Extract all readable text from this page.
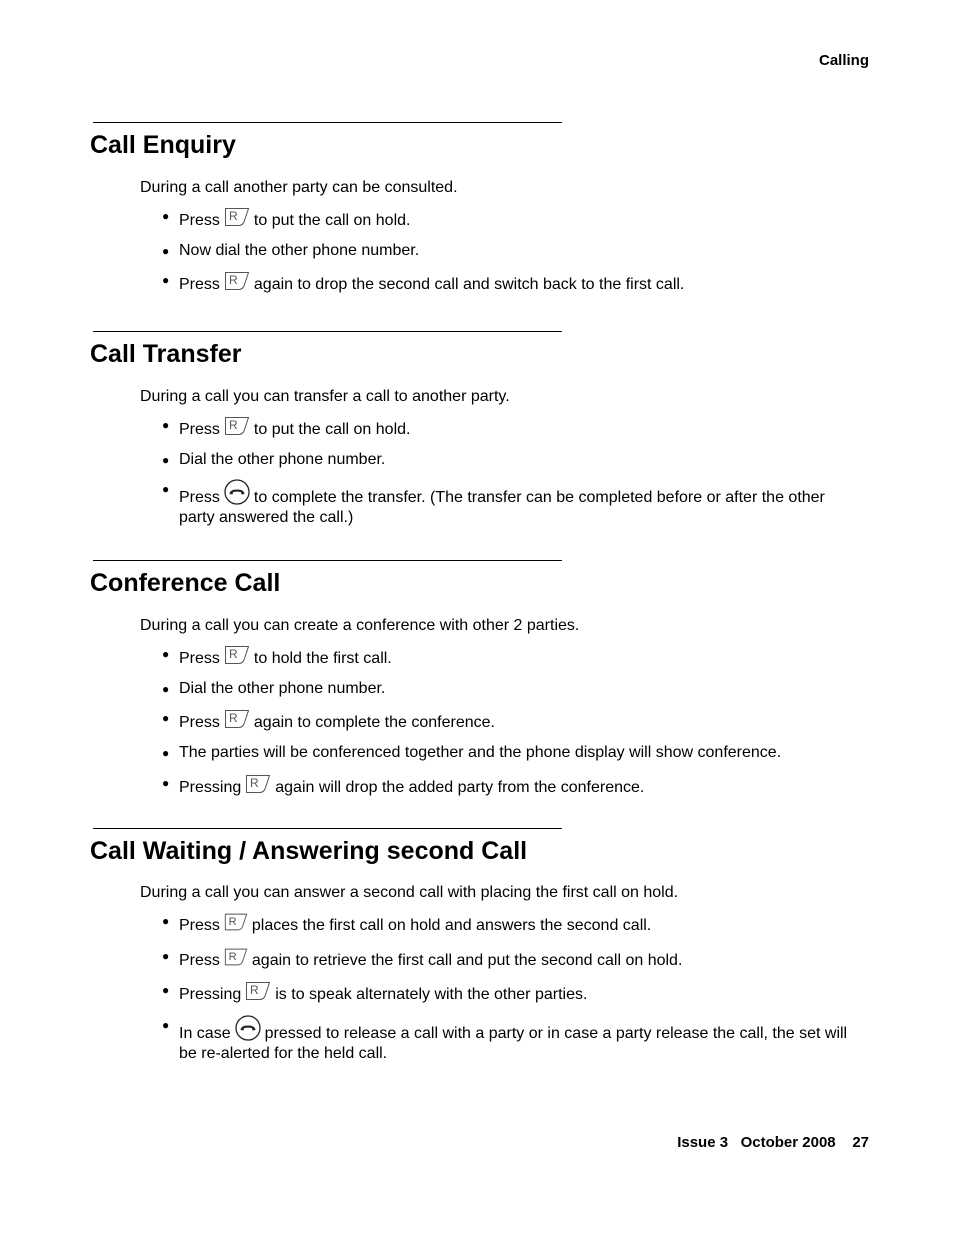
Calling
Call Enquiry

During a call another party can be consulted.

● Press R to put the call on hold.
● Now dial the other phone number.
● Press R again to drop the second call and switch back to the first call.
Call Transfer

During a call you can transfer a call to another party.

● Press R to put the call on hold.
● Dial the other phone number.
● Press to complete the transfer. (The transfer can be completed before or after the other party answered the call.)
Conference Call

During a call you can create a conference with other 2 parties.

● Press R to hold the first call.
● Dial the other phone number.
● Press R again to complete the conference.
● The parties will be conferenced together and the phone display will show conference.
● Pressing R again will drop the added party from the conference.
Call Waiting / Answering second Call

During a call you can answer a second call with placing the first call on hold.

● Press R places the first call on hold and answers the second call.
● Press R again to retrieve the first call and put the second call on hold.
● Pressing R is to speak alternately with the other parties.
● In case pressed to release a call with a party or in case a party release the call, the set will be re-alerted for the held call.
Issue 3 October 2008 27
